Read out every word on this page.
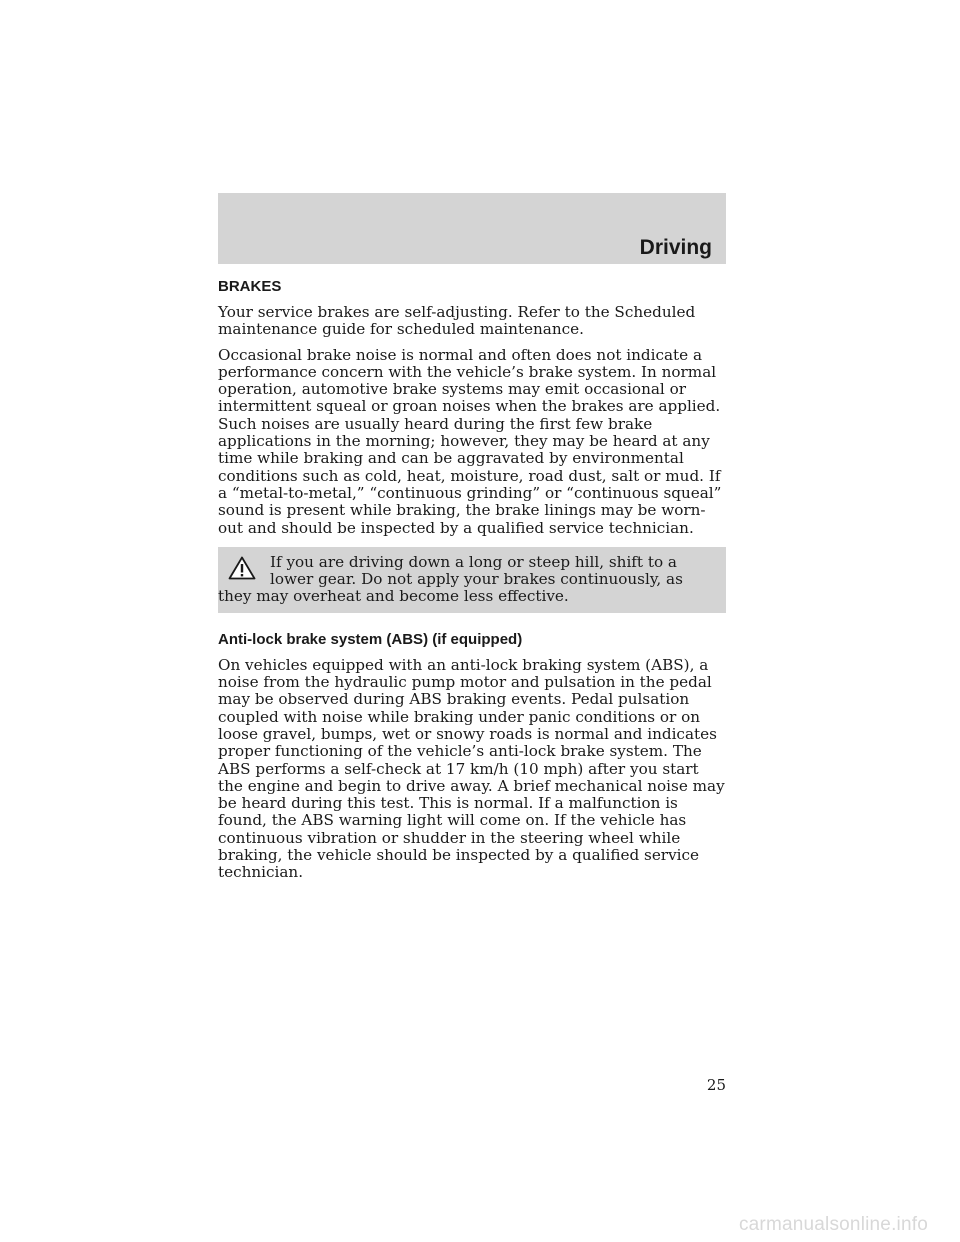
Driving
BRAKES

Your service brakes are self-adjusting. Refer to the Scheduled maintenance guide for scheduled maintenance.

Occasional brake noise is normal and often does not indicate a performance concern with the vehicle’s brake system. In normal operation, automotive brake systems may emit occasional or intermittent squeal or groan noises when the brakes are applied. Such noises are usually heard during the first few brake applications in the morning; however, they may be heard at any time while braking and can be aggravated by environmental conditions such as cold, heat, moisture, road dust, salt or mud. If a “metal-to-metal,” “continuous grinding” or “continuous squeal” sound is present while braking, the brake linings may be worn-out and should be inspected by a qualified service technician.

If you are driving down a long or steep hill, shift to a lower gear. Do not apply your brakes continuously, as they may overheat and become less effective.

Anti-lock brake system (ABS) (if equipped)

On vehicles equipped with an anti-lock braking system (ABS), a noise from the hydraulic pump motor and pulsation in the pedal may be observed during ABS braking events. Pedal pulsation coupled with noise while braking under panic conditions or on loose gravel, bumps, wet or snowy roads is normal and indicates proper functioning of the vehicle’s anti-lock brake system. The ABS performs a self-check at 17 km/h (10 mph) after you start the engine and begin to drive away. A brief mechanical noise may be heard during this test. This is normal. If a malfunction is found, the ABS warning light will come on. If the vehicle has continuous vibration or shudder in the steering wheel while braking, the vehicle should be inspected by a qualified service technician.

25
carmanualsonline.info
